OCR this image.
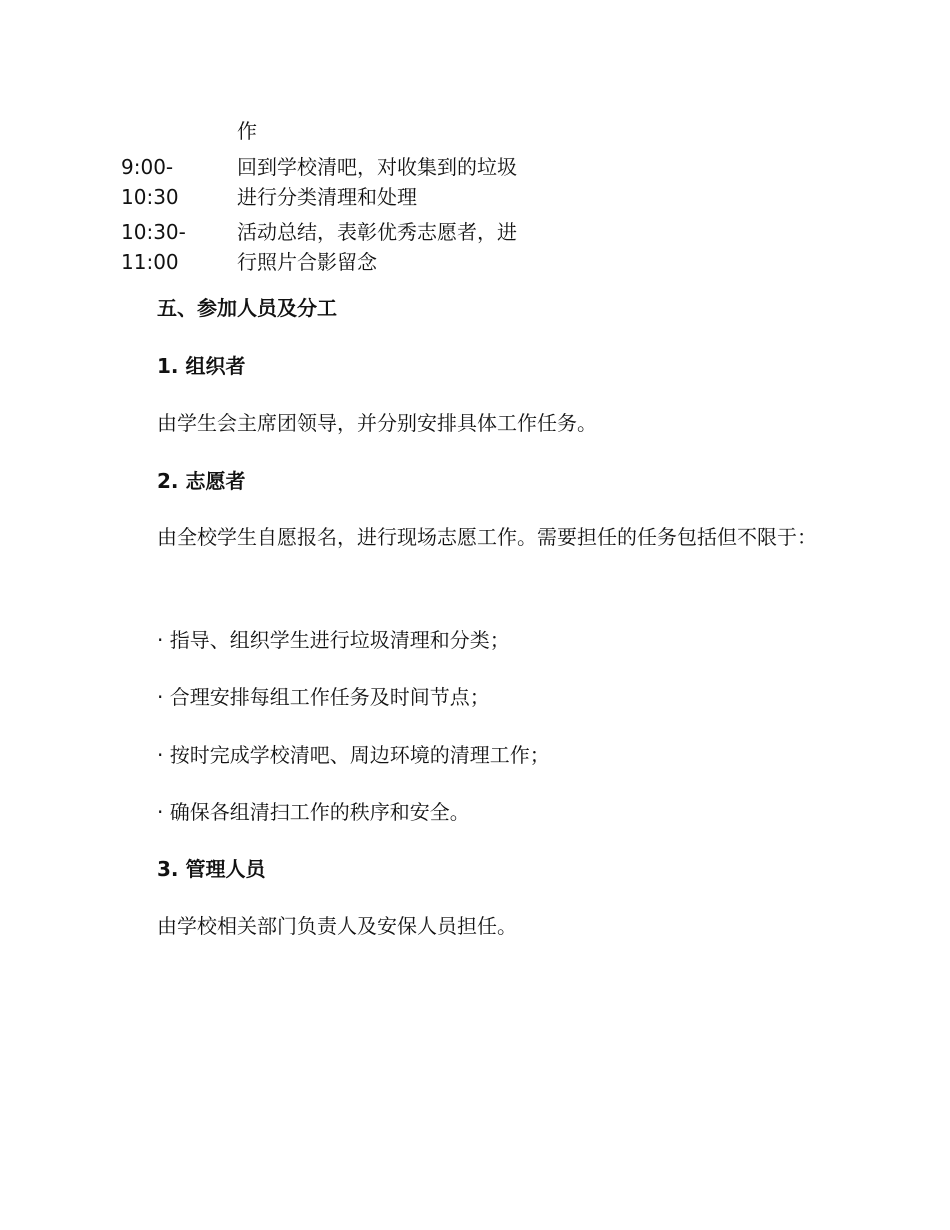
作
9:00-
10:30
回到学校清吧，对收集到的垃圾
进行分类清理和处理
10:30-
11:00
活动总结，表彰优秀志愿者，进
行照片合影留念
五、参加人员及分工
1. 组织者
由学生会主席团领导，并分别安排具体工作任务。
2. 志愿者
由全校学生自愿报名，进行现场志愿工作。需要担任的任务包括但不限于：
· 指导、组织学生进行垃圾清理和分类；
· 合理安排每组工作任务及时间节点；
· 按时完成学校清吧、周边环境的清理工作；
· 确保各组清扫工作的秩序和安全。
3. 管理人员
由学校相关部门负责人及安保人员担任。
